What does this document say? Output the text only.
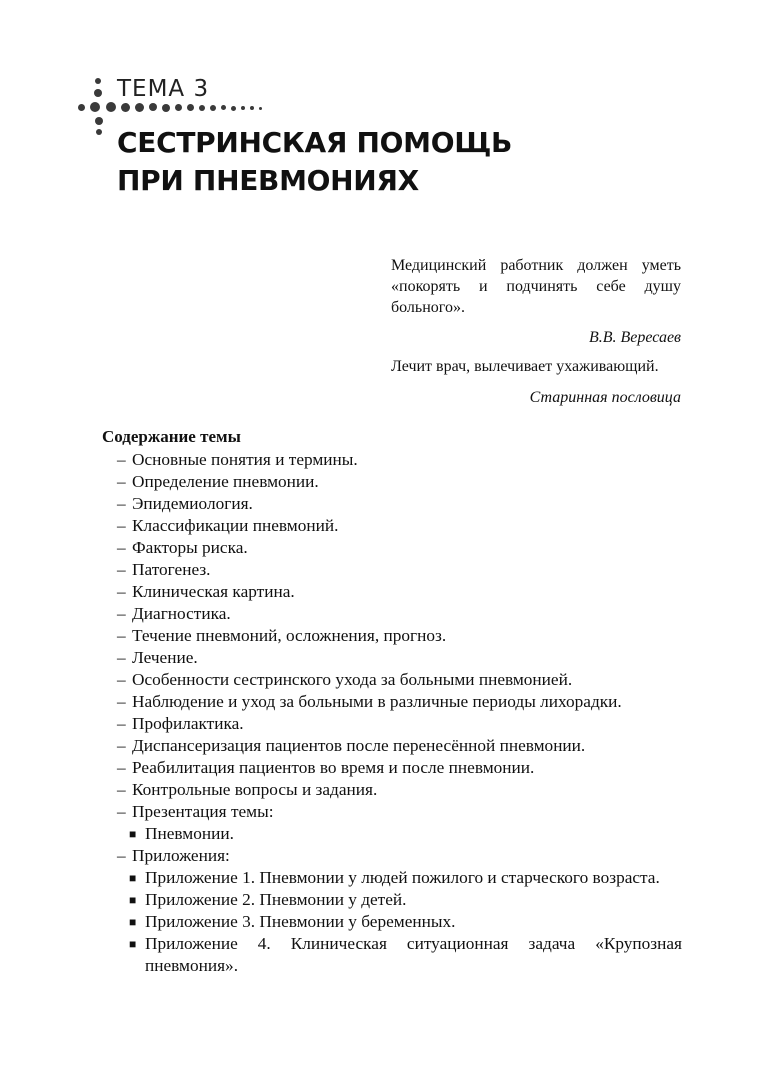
ТЕМА 3
СЕСТРИНСКАЯ ПОМОЩЬ
ПРИ ПНЕВМОНИЯХ
Медицинский работник должен уметь «покорять и подчинять себе душу больного».
В.В. Вересаев
Лечит врач, вылечивает ухаживающий.
Старинная пословица
Содержание темы
– Основные понятия и термины.
– Определение пневмонии.
– Эпидемиология.
– Классификации пневмоний.
– Факторы риска.
– Патогенез.
– Клиническая картина.
– Диагностика.
– Течение пневмоний, осложнения, прогноз.
– Лечение.
– Особенности сестринского ухода за больными пневмонией.
– Наблюдение и уход за больными в различные периоды лихорадки.
– Профилактика.
– Диспансеризация пациентов после перенесённой пневмонии.
– Реабилитация пациентов во время и после пневмонии.
– Контрольные вопросы и задания.
– Презентация темы:
■ Пневмонии.
– Приложения:
■ Приложение 1. Пневмонии у людей пожилого и старческого возраста.
■ Приложение 2. Пневмонии у детей.
■ Приложение 3. Пневмонии у беременных.
■ Приложение 4. Клиническая ситуационная задача «Крупозная пневмония».
